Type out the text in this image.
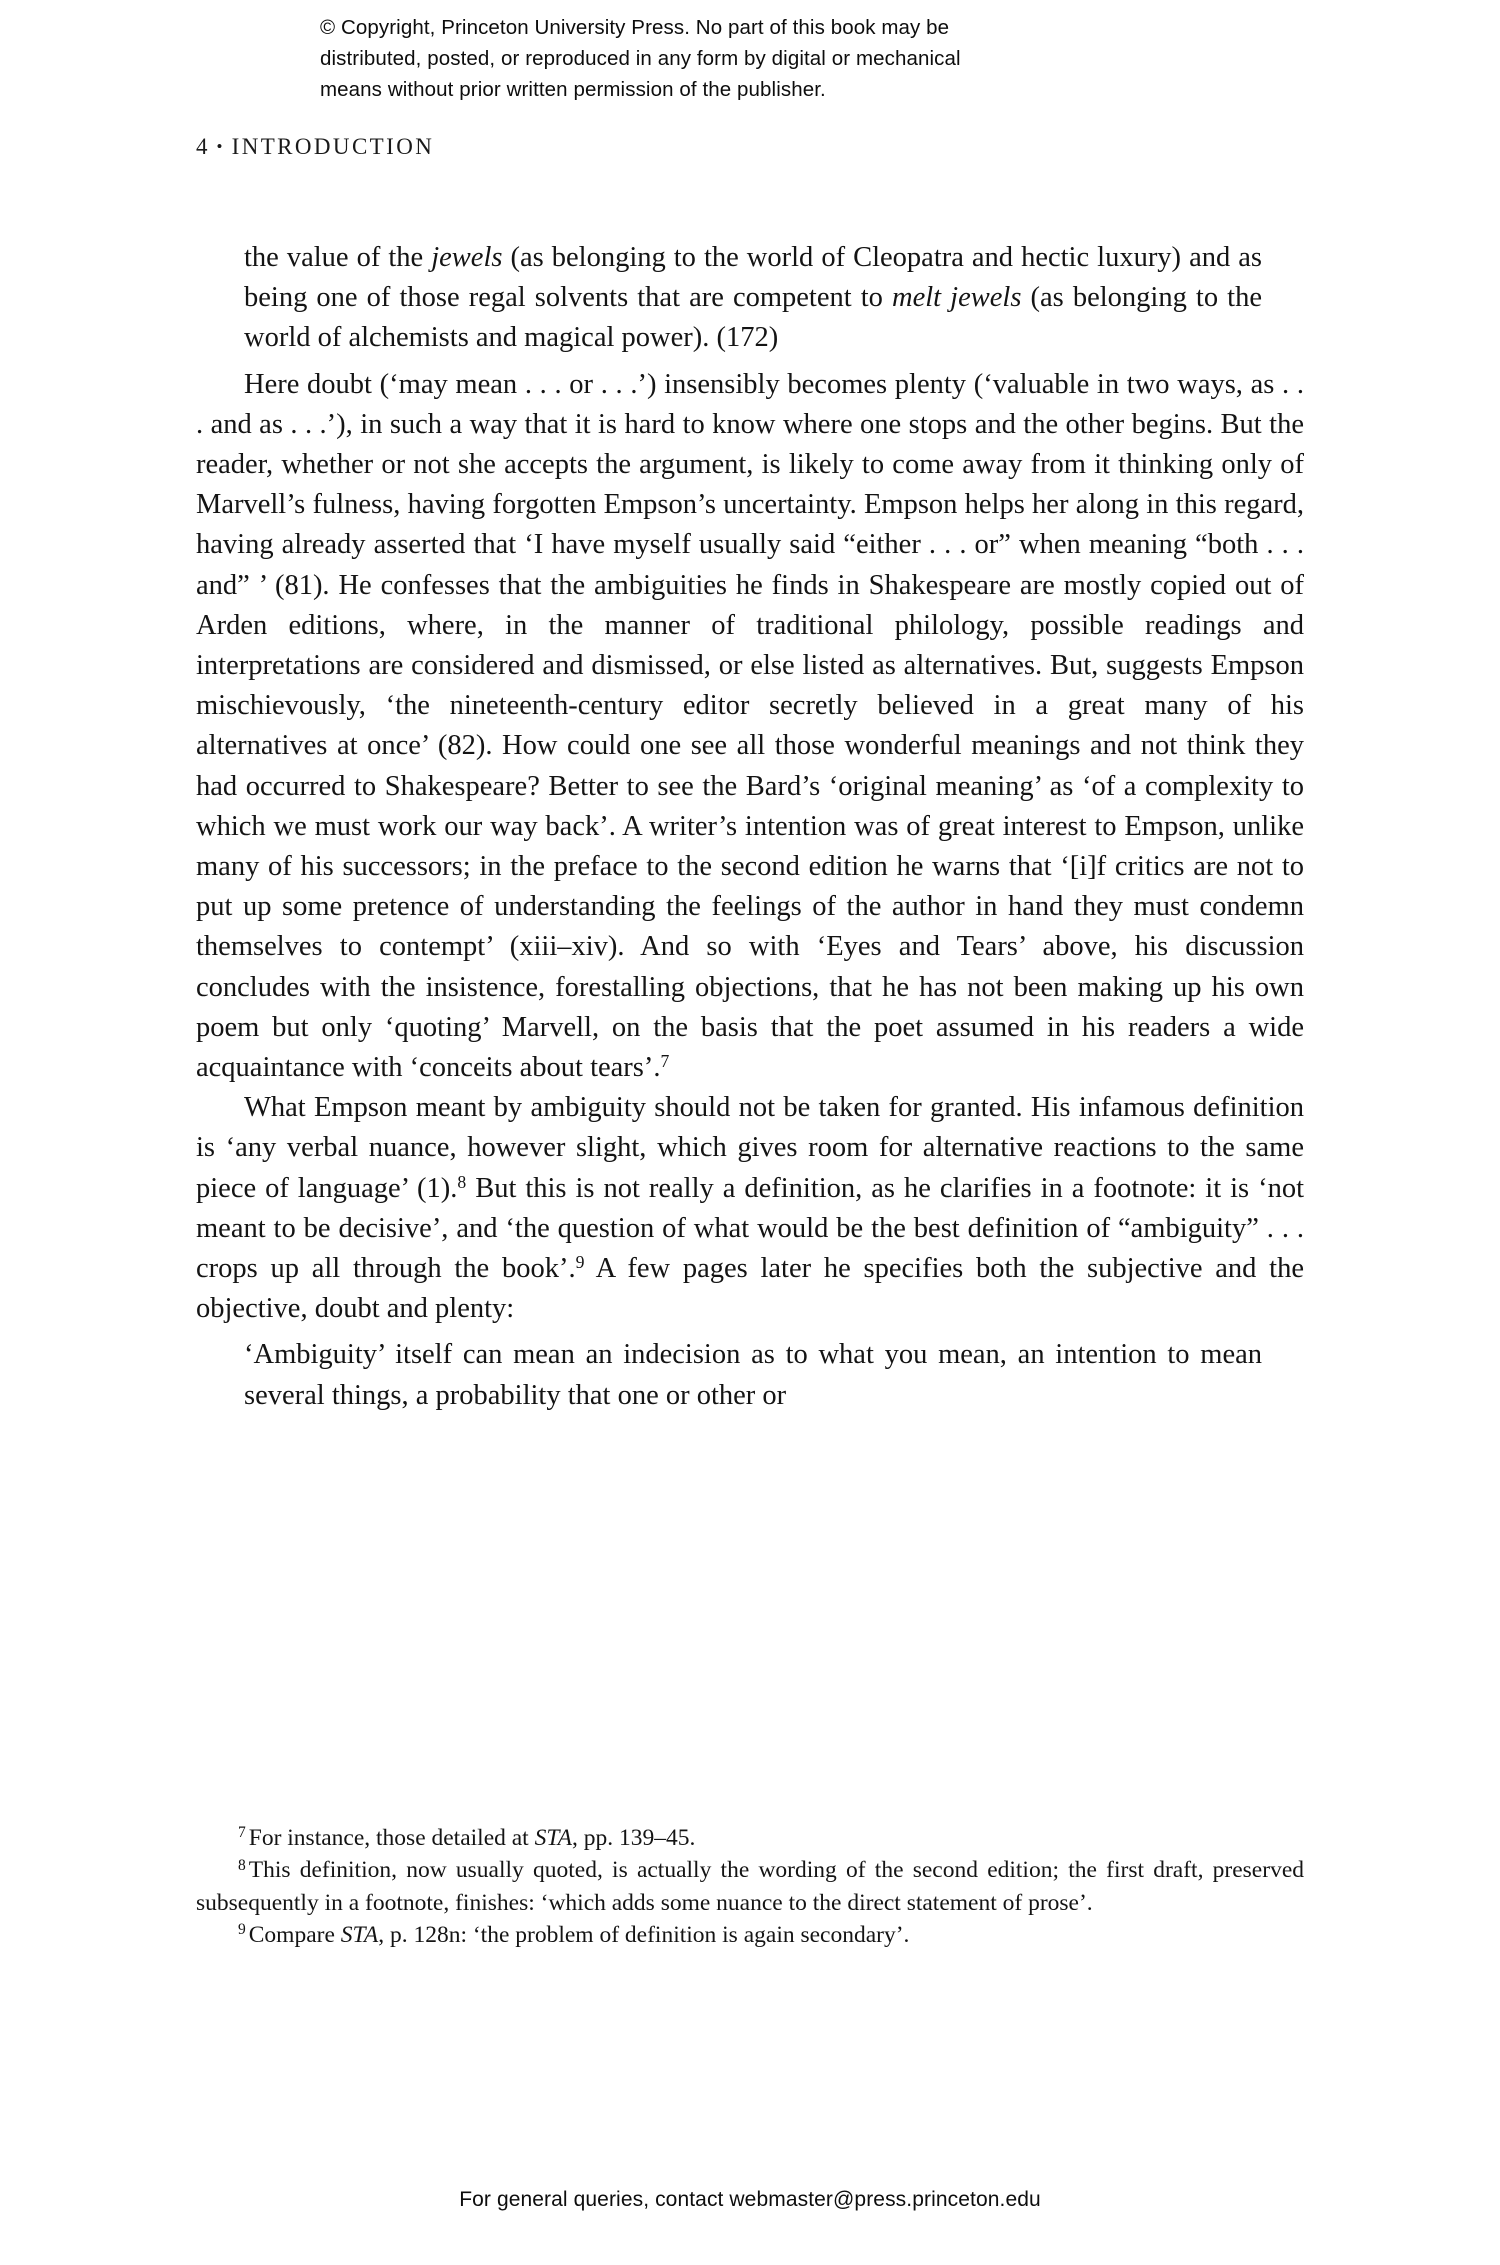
© Copyright, Princeton University Press. No part of this book may be
distributed, posted, or reproduced in any form by digital or mechanical
means without prior written permission of the publisher.
4 • INTRODUCTION
the value of the jewels (as belonging to the world of Cleopatra and hectic luxury) and as being one of those regal solvents that are competent to melt jewels (as belonging to the world of alchemists and magical power). (172)

Here doubt (‘may mean . . . or . . .’) insensibly becomes plenty (‘valuable in two ways, as . . . and as . . .’), in such a way that it is hard to know where one stops and the other begins. But the reader, whether or not she accepts the argument, is likely to come away from it thinking only of Marvell’s fulness, having forgotten Empson’s uncertainty. Empson helps her along in this regard, having already asserted that ‘I have myself usually said “either . . . or” when meaning “both . . . and” ’ (81). He confesses that the ambiguities he finds in Shakespeare are mostly copied out of Arden editions, where, in the manner of traditional philology, possible readings and interpretations are considered and dismissed, or else listed as alternatives. But, suggests Empson mischievously, ‘the nineteenth-century editor secretly believed in a great many of his alternatives at once’ (82). How could one see all those wonderful meanings and not think they had occurred to Shakespeare? Better to see the Bard’s ‘original meaning’ as ‘of a complexity to which we must work our way back’. A writer’s intention was of great interest to Empson, unlike many of his successors; in the preface to the second edition he warns that ‘[i]f critics are not to put up some pretence of understanding the feelings of the author in hand they must condemn themselves to contempt’ (xiii–xiv). And so with ‘Eyes and Tears’ above, his discussion concludes with the insistence, forestalling objections, that he has not been making up his own poem but only ‘quoting’ Marvell, on the basis that the poet assumed in his readers a wide acquaintance with ‘conceits about tears’.$^7$

What Empson meant by ambiguity should not be taken for granted. His infamous definition is ‘any verbal nuance, however slight, which gives room for alternative reactions to the same piece of language’ (1).$^8$ But this is not really a definition, as he clarifies in a footnote: it is ‘not meant to be decisive’, and ‘the question of what would be the best definition of “ambiguity” . . . crops up all through the book’.$^9$ A few pages later he specifies both the subjective and the objective, doubt and plenty:

‘Ambiguity’ itself can mean an indecision as to what you mean, an intention to mean several things, a probability that one or other or

$^7$ For instance, those detailed at STA, pp. 139–45.

$^8$ This definition, now usually quoted, is actually the wording of the second edition; the first draft, preserved subsequently in a footnote, finishes: ‘which adds some nuance to the direct statement of prose’.

$^9$ Compare STA, p. 128n: ‘the problem of definition is again secondary’.

For general queries, contact webmaster@press.princeton.edu
